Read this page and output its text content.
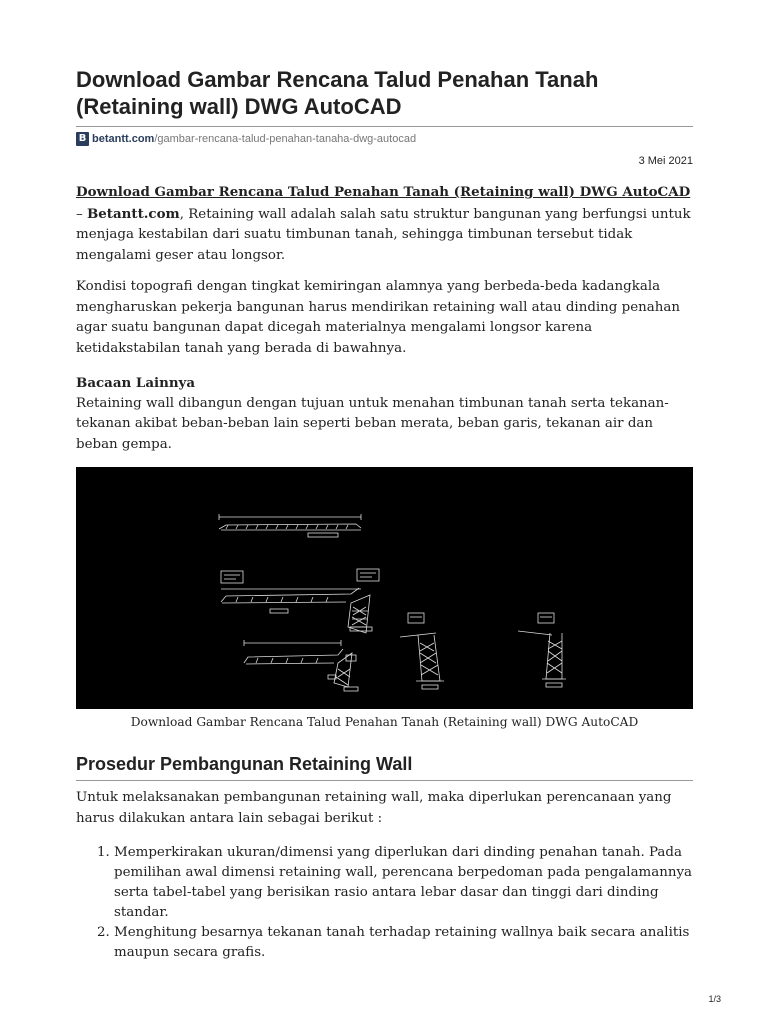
Download Gambar Rencana Talud Penahan Tanah (Retaining wall) DWG AutoCAD
B betantt.com /gambar-rencana-talud-penahan-tanaha-dwg-autocad
3 Mei 2021

Download Gambar Rencana Talud Penahan Tanah (Retaining wall) DWG AutoCAD – Betantt.com, Retaining wall adalah salah satu struktur bangunan yang berfungsi untuk menjaga kestabilan dari suatu timbunan tanah, sehingga timbunan tersebut tidak mengalami geser atau longsor.

Kondisi topografi dengan tingkat kemiringan alamnya yang berbeda-beda kadangkala mengharuskan pekerja bangunan harus mendirikan retaining wall atau dinding penahan agar suatu bangunan dapat dicegah materialnya mengalami longsor karena ketidakstabilan tanah yang berada di bawahnya.

Bacaan Lainnya
Retaining wall dibangun dengan tujuan untuk menahan timbunan tanah serta tekanan-tekanan akibat beban-beban lain seperti beban merata, beban garis, tekanan air dan beban gempa.

Download Gambar Rencana Talud Penahan Tanah (Retaining wall) DWG AutoCAD
Prosedur Pembangunan Retaining Wall

Untuk melaksanakan pembangunan retaining wall, maka diperlukan perencanaan yang harus dilakukan antara lain sebagai berikut :

1. Memperkirakan ukuran/dimensi yang diperlukan dari dinding penahan tanah. Pada pemilihan awal dimensi retaining wall, perencana berpedoman pada pengalamannya serta tabel-tabel yang berisikan rasio antara lebar dasar dan tinggi dari dinding standar.
2. Menghitung besarnya tekanan tanah terhadap retaining wallnya baik secara analitis maupun secara grafis.
1/3
